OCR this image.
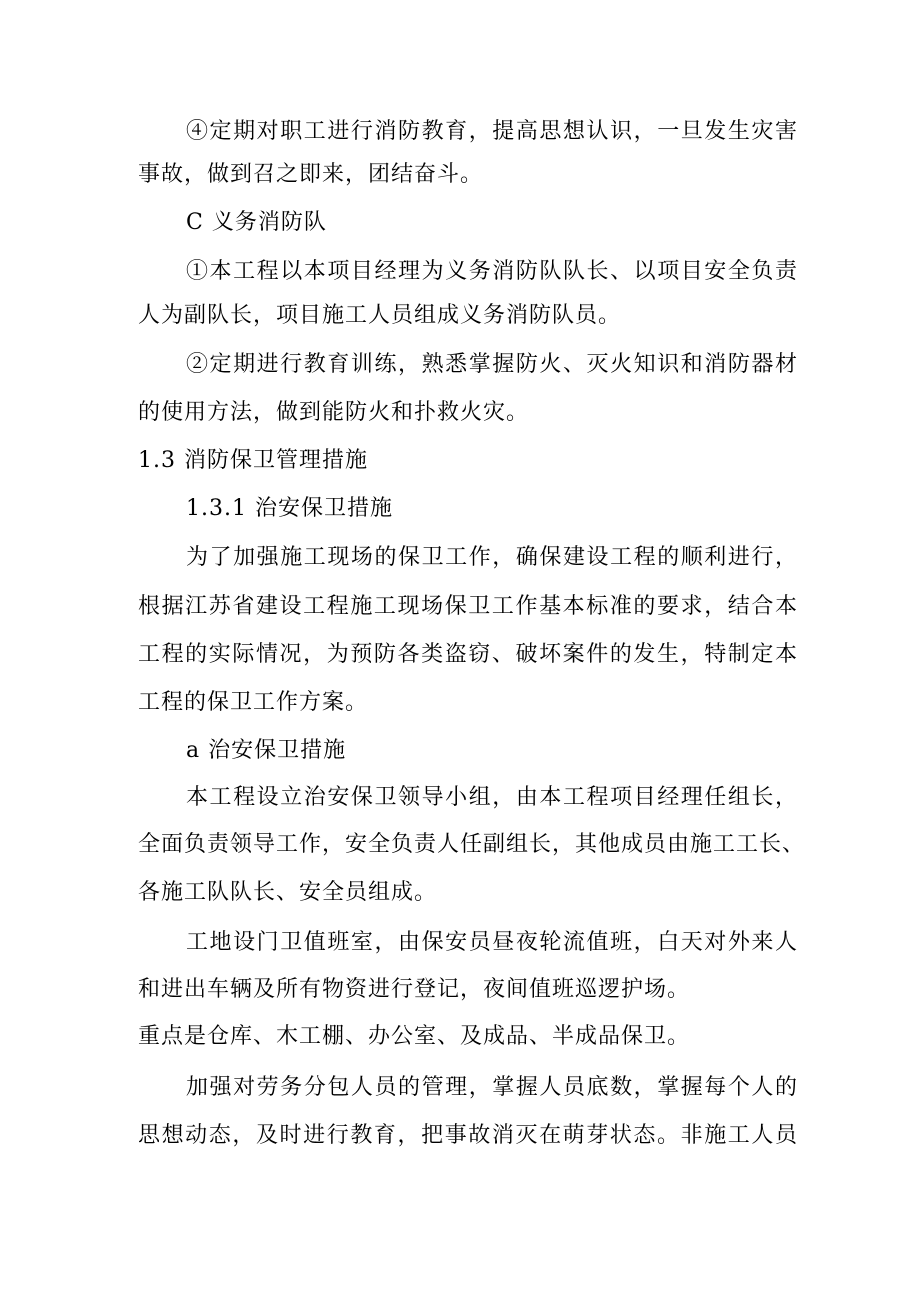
④定期对职工进行消防教育，提高思想认识，一旦发生灾害
事故，做到召之即来，团结奋斗。
C 义务消防队
①本工程以本项目经理为义务消防队队长、以项目安全负责
人为副队长，项目施工人员组成义务消防队员。
②定期进行教育训练，熟悉掌握防火、灭火知识和消防器材
的使用方法，做到能防火和扑救火灾。
1.3 消防保卫管理措施
1.3.1 治安保卫措施
为了加强施工现场的保卫工作，确保建设工程的顺利进行，
根据江苏省建设工程施工现场保卫工作基本标准的要求，结合本
工程的实际情况，为预防各类盗窃、破坏案件的发生，特制定本
工程的保卫工作方案。
a 治安保卫措施
本工程设立治安保卫领导小组，由本工程项目经理任组长，
全面负责领导工作，安全负责人任副组长，其他成员由施工工长、
各施工队队长、安全员组成。
工地设门卫值班室，由保安员昼夜轮流值班，白天对外来人
和进出车辆及所有物资进行登记，夜间值班巡逻护场。
重点是仓库、木工棚、办公室、及成品、半成品保卫。
加强对劳务分包人员的管理，掌握人员底数，掌握每个人的
思想动态，及时进行教育，把事故消灭在萌芽状态。非施工人员
